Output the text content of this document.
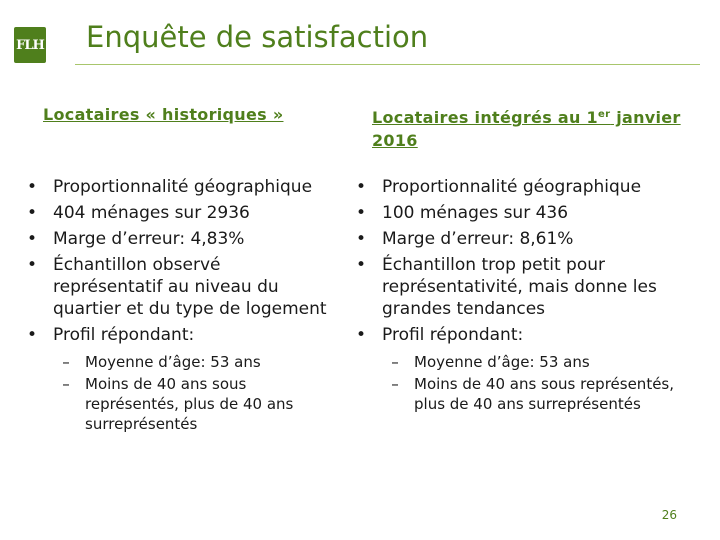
FLH Enquête de satisfaction

Locataires « historiques »

• Proportionnalité géographique
• 404 ménages sur 2936
• Marge d’erreur: 4,83%
• Échantillon observé représentatif au niveau du quartier et du type de logement
• Profil répondant:
–	Moyenne d’âge: 53 ans
–	Moins de 40 ans sous représentés, plus de 40 ans surreprésentés

Locataires intégrés au 1er janvier 2016

• Proportionnalité géographique
• 100 ménages sur 436
• Marge d’erreur: 8,61%
• Échantillon trop petit pour représentativité, mais donne les grandes tendances
• Profil répondant:
–	Moyenne d’âge: 53 ans
–	Moins de 40 ans sous représentés, plus de 40 ans surreprésentés
26
